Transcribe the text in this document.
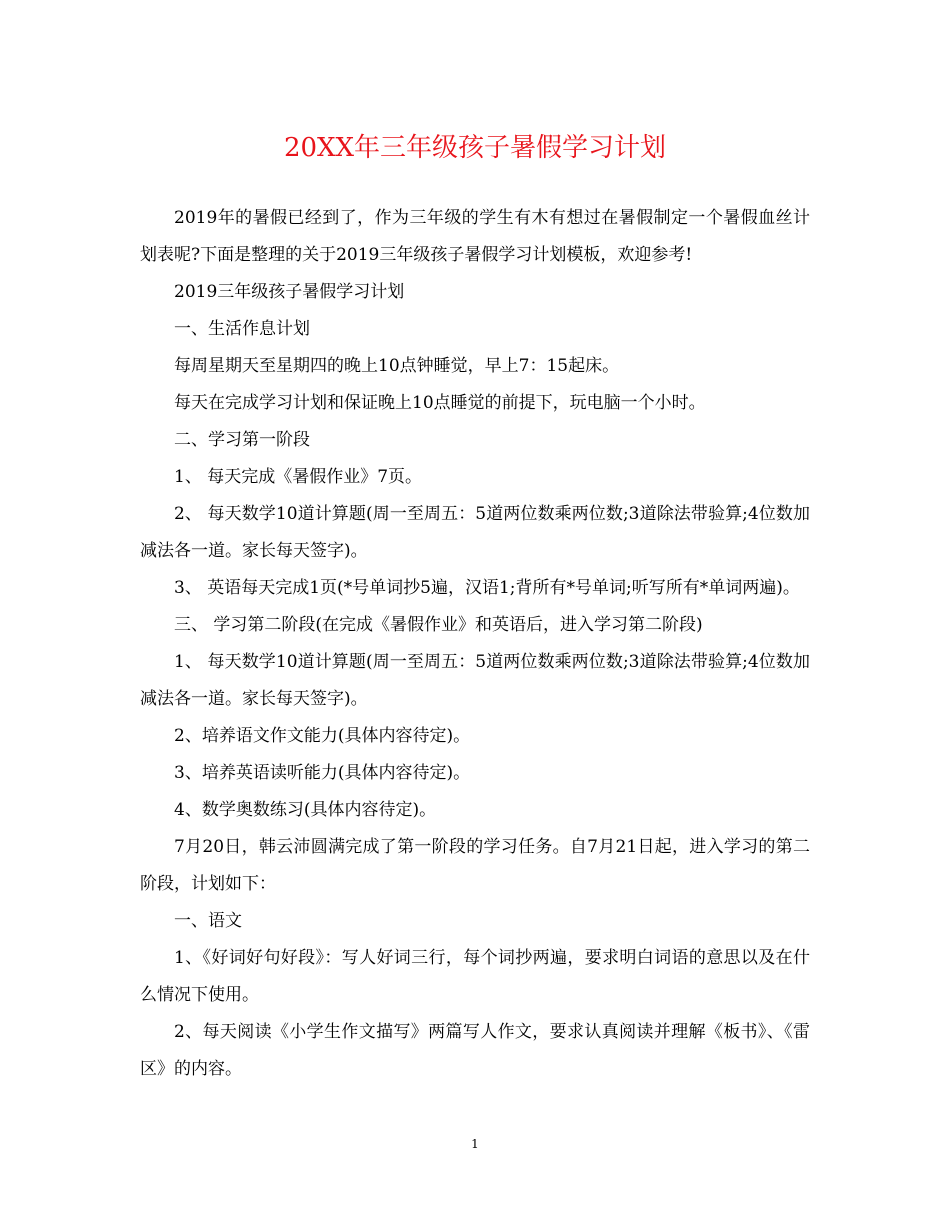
20XX年三年级孩子暑假学习计划

2019年的暑假已经到了，作为三年级的学生有木有想过在暑假制定一个暑假血丝计划表呢?下面是整理的关于2019三年级孩子暑假学习计划模板，欢迎参考!

2019三年级孩子暑假学习计划

一、生活作息计划

每周星期天至星期四的晚上10点钟睡觉，早上7：15起床。

每天在完成学习计划和保证晚上10点睡觉的前提下，玩电脑一个小时。

二、学习第一阶段

1、 每天完成《暑假作业》7页。

2、 每天数学10道计算题(周一至周五：5道两位数乘两位数;3道除法带验算;4位数加减法各一道。家长每天签字)。

3、 英语每天完成1页(*号单词抄5遍，汉语1;背所有*号单词;听写所有*单词两遍)。

三、 学习第二阶段(在完成《暑假作业》和英语后，进入学习第二阶段)

1、 每天数学10道计算题(周一至周五：5道两位数乘两位数;3道除法带验算;4位数加减法各一道。家长每天签字)。

2、培养语文作文能力(具体内容待定)。

3、培养英语读听能力(具体内容待定)。

4、数学奥数练习(具体内容待定)。

7月20日，韩云沛圆满完成了第一阶段的学习任务。自7月21日起，进入学习的第二阶段，计划如下：

一、语文

1、《好词好句好段》：写人好词三行，每个词抄两遍，要求明白词语的意思以及在什么情况下使用。

2、每天阅读《小学生作文描写》两篇写人作文，要求认真阅读并理解《板书》、《雷区》的内容。

1
